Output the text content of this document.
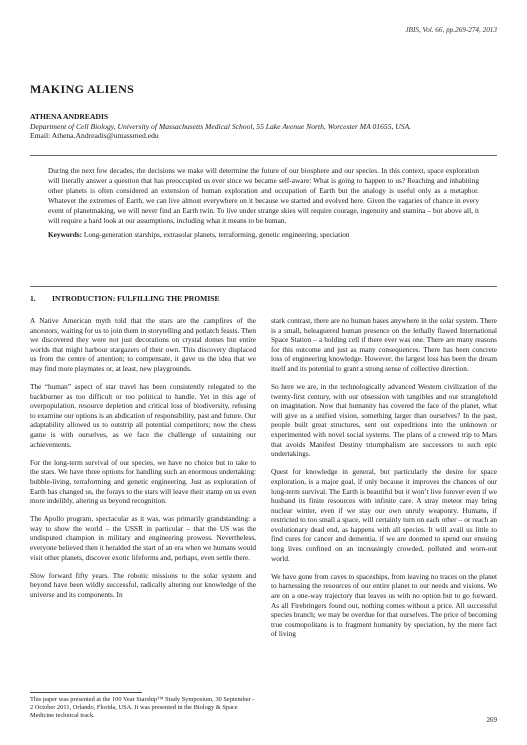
JBIS, Vol. 66, pp.269-274, 2013
MAKING ALIENS
ATHENA ANDREADIS
Department of Cell Biology, University of Massachusetts Medical School, 55 Lake Avenue North, Worcester MA 01655, USA.
Email: Athena.Andreadis@umassmed.edu
During the next few decades, the decisions we make will determine the future of our biosphere and our species. In this context, space exploration will literally answer a question that has preoccupied us ever since we became self-aware: What is going to happen to us? Reaching and inhabiting other planets is often considered an extension of human exploration and occupation of Earth but the analogy is useful only as a metaphor. Whatever the extremes of Earth, we can live almost everywhere on it because we started and evolved here. Given the vagaries of chance in every event of planetmaking, we will never find an Earth twin. To live under strange skies will require courage, ingenuity and stamina – but above all, it will require a hard look at our assumptions, including what it means to be human.
Keywords: Long-generation starships, extrasolar planets, terraforming, genetic engineering, speciation
1. INTRODUCTION: FULFILLING THE PROMISE

A Native American myth told that the stars are the campfires of the ancestors, waiting for us to join them in storytelling and potlatch feasts. Then we discovered they were not just decorations on crystal domes but entire worlds that might harbour stargazers of their own. This discovery displaced us from the centre of attention; to compensate, it gave us the idea that we may find more playmates or, at least, new playgrounds.

The “human” aspect of star travel has been consistently relegated to the backburner as too difficult or too political to handle. Yet in this age of overpopulation, resource depletion and critical loss of biodiversity, refusing to examine our options is an abdication of responsibility, past and future. Our adaptability allowed us to outstrip all potential competitors; now the chess game is with ourselves, as we face the challenge of sustaining our achievements.

For the long-term survival of our species, we have no choice but to take to the stars. We have three options for handling such an enormous undertaking: bubble-living, terraforming and genetic engineering. Just as exploration of Earth has changed us, the forays to the stars will leave their stamp on us even more indelibly, altering us beyond recognition.

The Apollo program, spectacular as it was, was primarily grandstanding: a way to show the world – the USSR in particular – that the US was the undisputed champion in military and engineering prowess. Nevertheless, everyone believed then it heralded the start of an era when we humans would visit other planets, discover exotic lifeforms and, perhaps, even settle there.

Slow forward fifty years. The robotic missions to the solar system and beyond have been wildly successful, radically altering our knowledge of the universe and its components. In

stark contrast, there are no human bases anywhere in the solar system. There is a small, beleaguered human presence on the lethally flawed International Space Station – a holding cell if there ever was one. There are many reasons for this outcome and just as many consequences. There has been concrete loss of engineering knowledge. However, the largest loss has been the dream itself and its potential to grant a strong sense of collective direction.

So here we are, in the technologically advanced Western civilization of the twenty-first century, with our obsession with tangibles and our stranglehold on imagination. Now that humanity has covered the face of the planet, what will give us a unified vision, something larger than ourselves? In the past, people built great structures, sent out expeditions into the unknown or experimented with novel social systems. The plans of a crewed trip to Mars that avoids Manifest Destiny triumphalism are successors to such epic undertakings.

Quest for knowledge in general, but particularly the desire for space exploration, is a major goal, if only because it improves the chances of our long-term survival. The Earth is beautiful but it won’t live forever even if we husband its finite resources with infinite care. A stray meteor may bring nuclear winter, even if we stay our own unruly weaponry. Humans, if restricted to too small a space, will certainly turn on each other – or reach an evolutionary dead end, as happens with all species. It will avail us little to find cures for cancer and dementia, if we are doomed to spend our ensuing long lives confined on an increasingly crowded, polluted and worn-out world.

We have gone from caves to spaceships, from leaving no traces on the planet to harnessing the resources of our entire planet to our needs and visions. We are on a one-way trajectory that leaves us with no option but to go forward. As all Firebringers found out, nothing comes without a price. All successful species branch; we may be overdue for that ourselves. The price of becoming true cosmopolitans is to fragment humanity by speciation, by the mere fact of living

This paper was presented at the 100 Year Starship™ Study Symposium, 30 September - 2 October 2011, Orlando, Florida, USA. It was presented in the Biology & Space Medicine technical track.
269
